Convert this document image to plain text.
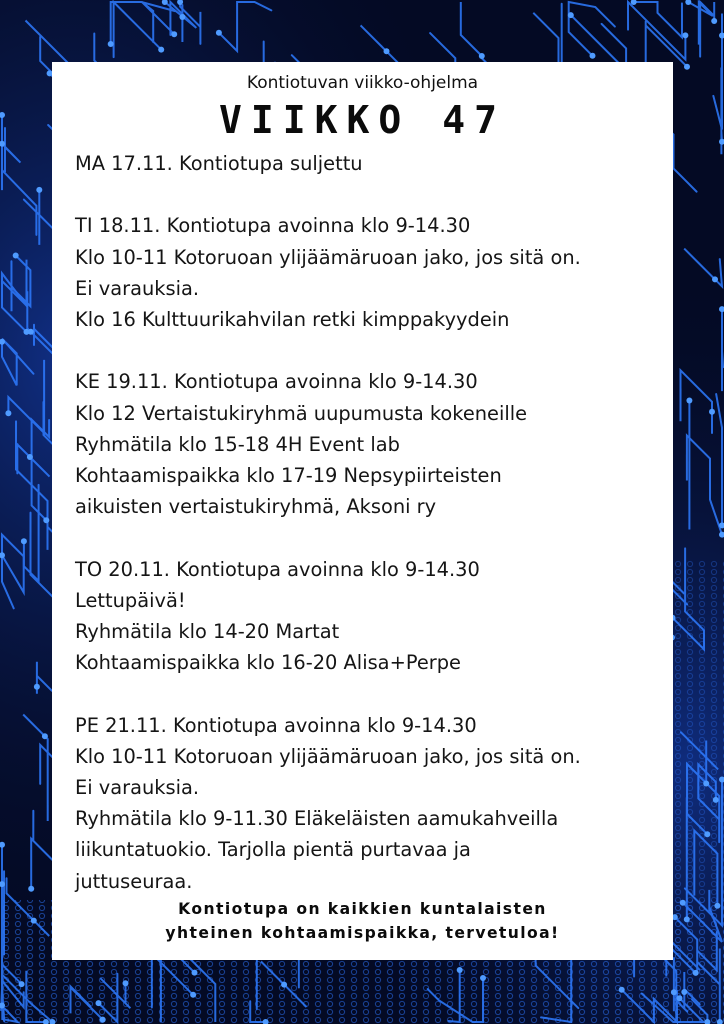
Kontiotuvan viikko-ohjelma
VIIKKO 47
MA 17.11. Kontiotupa suljettu
TI 18.11. Kontiotupa avoinna klo 9-14.30
Klo 10-11 Kotoruoan ylijäämäruoan jako, jos sitä on.
Ei varauksia.
Klo 16 Kulttuurikahvilan retki kimppakyydein
KE 19.11. Kontiotupa avoinna klo 9-14.30
Klo 12 Vertaistukiryhmä uupumusta kokeneille
Ryhmätila klo 15-18 4H Event lab
Kohtaamispaikka klo 17-19 Nepsypiirteisten
aikuisten vertaistukiryhmä, Aksoni ry
TO 20.11. Kontiotupa avoinna klo 9-14.30
Lettupäivä!
Ryhmätila klo 14-20 Martat
Kohtaamispaikka klo 16-20 Alisa+Perpe
PE 21.11. Kontiotupa avoinna klo 9-14.30
Klo 10-11 Kotoruoan ylijäämäruoan jako, jos sitä on.
Ei varauksia.
Ryhmätila klo 9-11.30 Eläkeläisten aamukahveilla
liikuntatuokio. Tarjolla pientä purtavaa ja
juttuseuraa.
Kontiotupa on kaikkien kuntalaisten
yhteinen kohtaamispaikka, tervetuloa!
